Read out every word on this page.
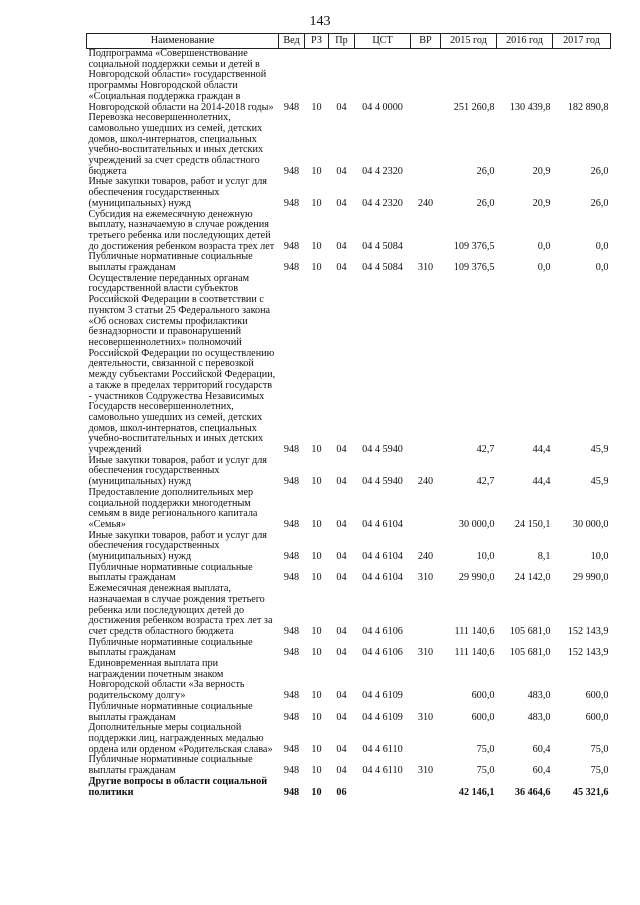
143
Наименование	Вед	РЗ	Пр	ЦСТ	ВР	2015 год	2016 год	2017 год
Подпрограмма «Совершенствование социальной поддержки семьи и детей в Новгородской области» государственной программы Новгородской области «Социальная поддержка граждан в Новгородской области на 2014-2018 годы»	948	10	04	04 4 0000		251 260,8	130 439,8	182 890,8
Перевозка несовершеннолетних, самовольно ушедших из семей, детских домов, школ-интернатов, специальных учебно-воспитательных и иных детских учреждений за счет средств областного бюджета	948	10	04	04 4 2320		26,0	20,9	26,0
Иные закупки товаров, работ и услуг для обеспечения государственных (муниципальных) нужд	948	10	04	04 4 2320	240	26,0	20,9	26,0
Субсидия на ежемесячную денежную выплату, назначаемую в случае рождения третьего ребенка или последующих детей до достижения ребенком возраста трех лет	948	10	04	04 4 5084		109 376,5	0,0	0,0
Публичные нормативные социальные выплаты гражданам	948	10	04	04 4 5084	310	109 376,5	0,0	0,0
Осуществление переданных органам государственной власти субъектов Российской Федерации в соответствии с пунктом 3 статьи 25 Федерального закона «Об основах системы профилактики безнадзорности и правонарушений несовершеннолетних» полномочий Российской Федерации по осуществлению деятельности, связанной с перевозкой между субъектами Российской Федерации, а также в пределах территорий государств - участников Содружества Независимых Государств несовершеннолетних, самовольно ушедших из семей, детских домов, школ-интернатов, специальных учебно-воспитательных и иных детских учреждений	948	10	04	04 4 5940		42,7	44,4	45,9
Иные закупки товаров, работ и услуг для обеспечения государственных (муниципальных) нужд	948	10	04	04 4 5940	240	42,7	44,4	45,9
Предоставление дополнительных мер социальной поддержки многодетным семьям в виде регионального капитала «Семья»	948	10	04	04 4 6104		30 000,0	24 150,1	30 000,0
Иные закупки товаров, работ и услуг для обеспечения государственных (муниципальных) нужд	948	10	04	04 4 6104	240	10,0	8,1	10,0
Публичные нормативные социальные выплаты гражданам	948	10	04	04 4 6104	310	29 990,0	24 142,0	29 990,0
Ежемесячная денежная выплата, назначаемая в случае рождения третьего ребенка или последующих детей до достижения ребенком возраста трех лет за счет средств областного бюджета	948	10	04	04 4 6106		111 140,6	105 681,0	152 143,9
Публичные нормативные социальные выплаты гражданам	948	10	04	04 4 6106	310	111 140,6	105 681,0	152 143,9
Единовременная выплата при награждении почетным знаком Новгородской области «За верность родительскому долгу»	948	10	04	04 4 6109		600,0	483,0	600,0
Публичные нормативные социальные выплаты гражданам	948	10	04	04 4 6109	310	600,0	483,0	600,0
Дополнительные меры социальной поддержки лиц, награжденных медалью ордена или орденом «Родительская слава»	948	10	04	04 4 6110		75,0	60,4	75,0
Публичные нормативные социальные выплаты гражданам	948	10	04	04 4 6110	310	75,0	60,4	75,0
Другие вопросы в области социальной политики	948	10	06			42 146,1	36 464,6	45 321,6
